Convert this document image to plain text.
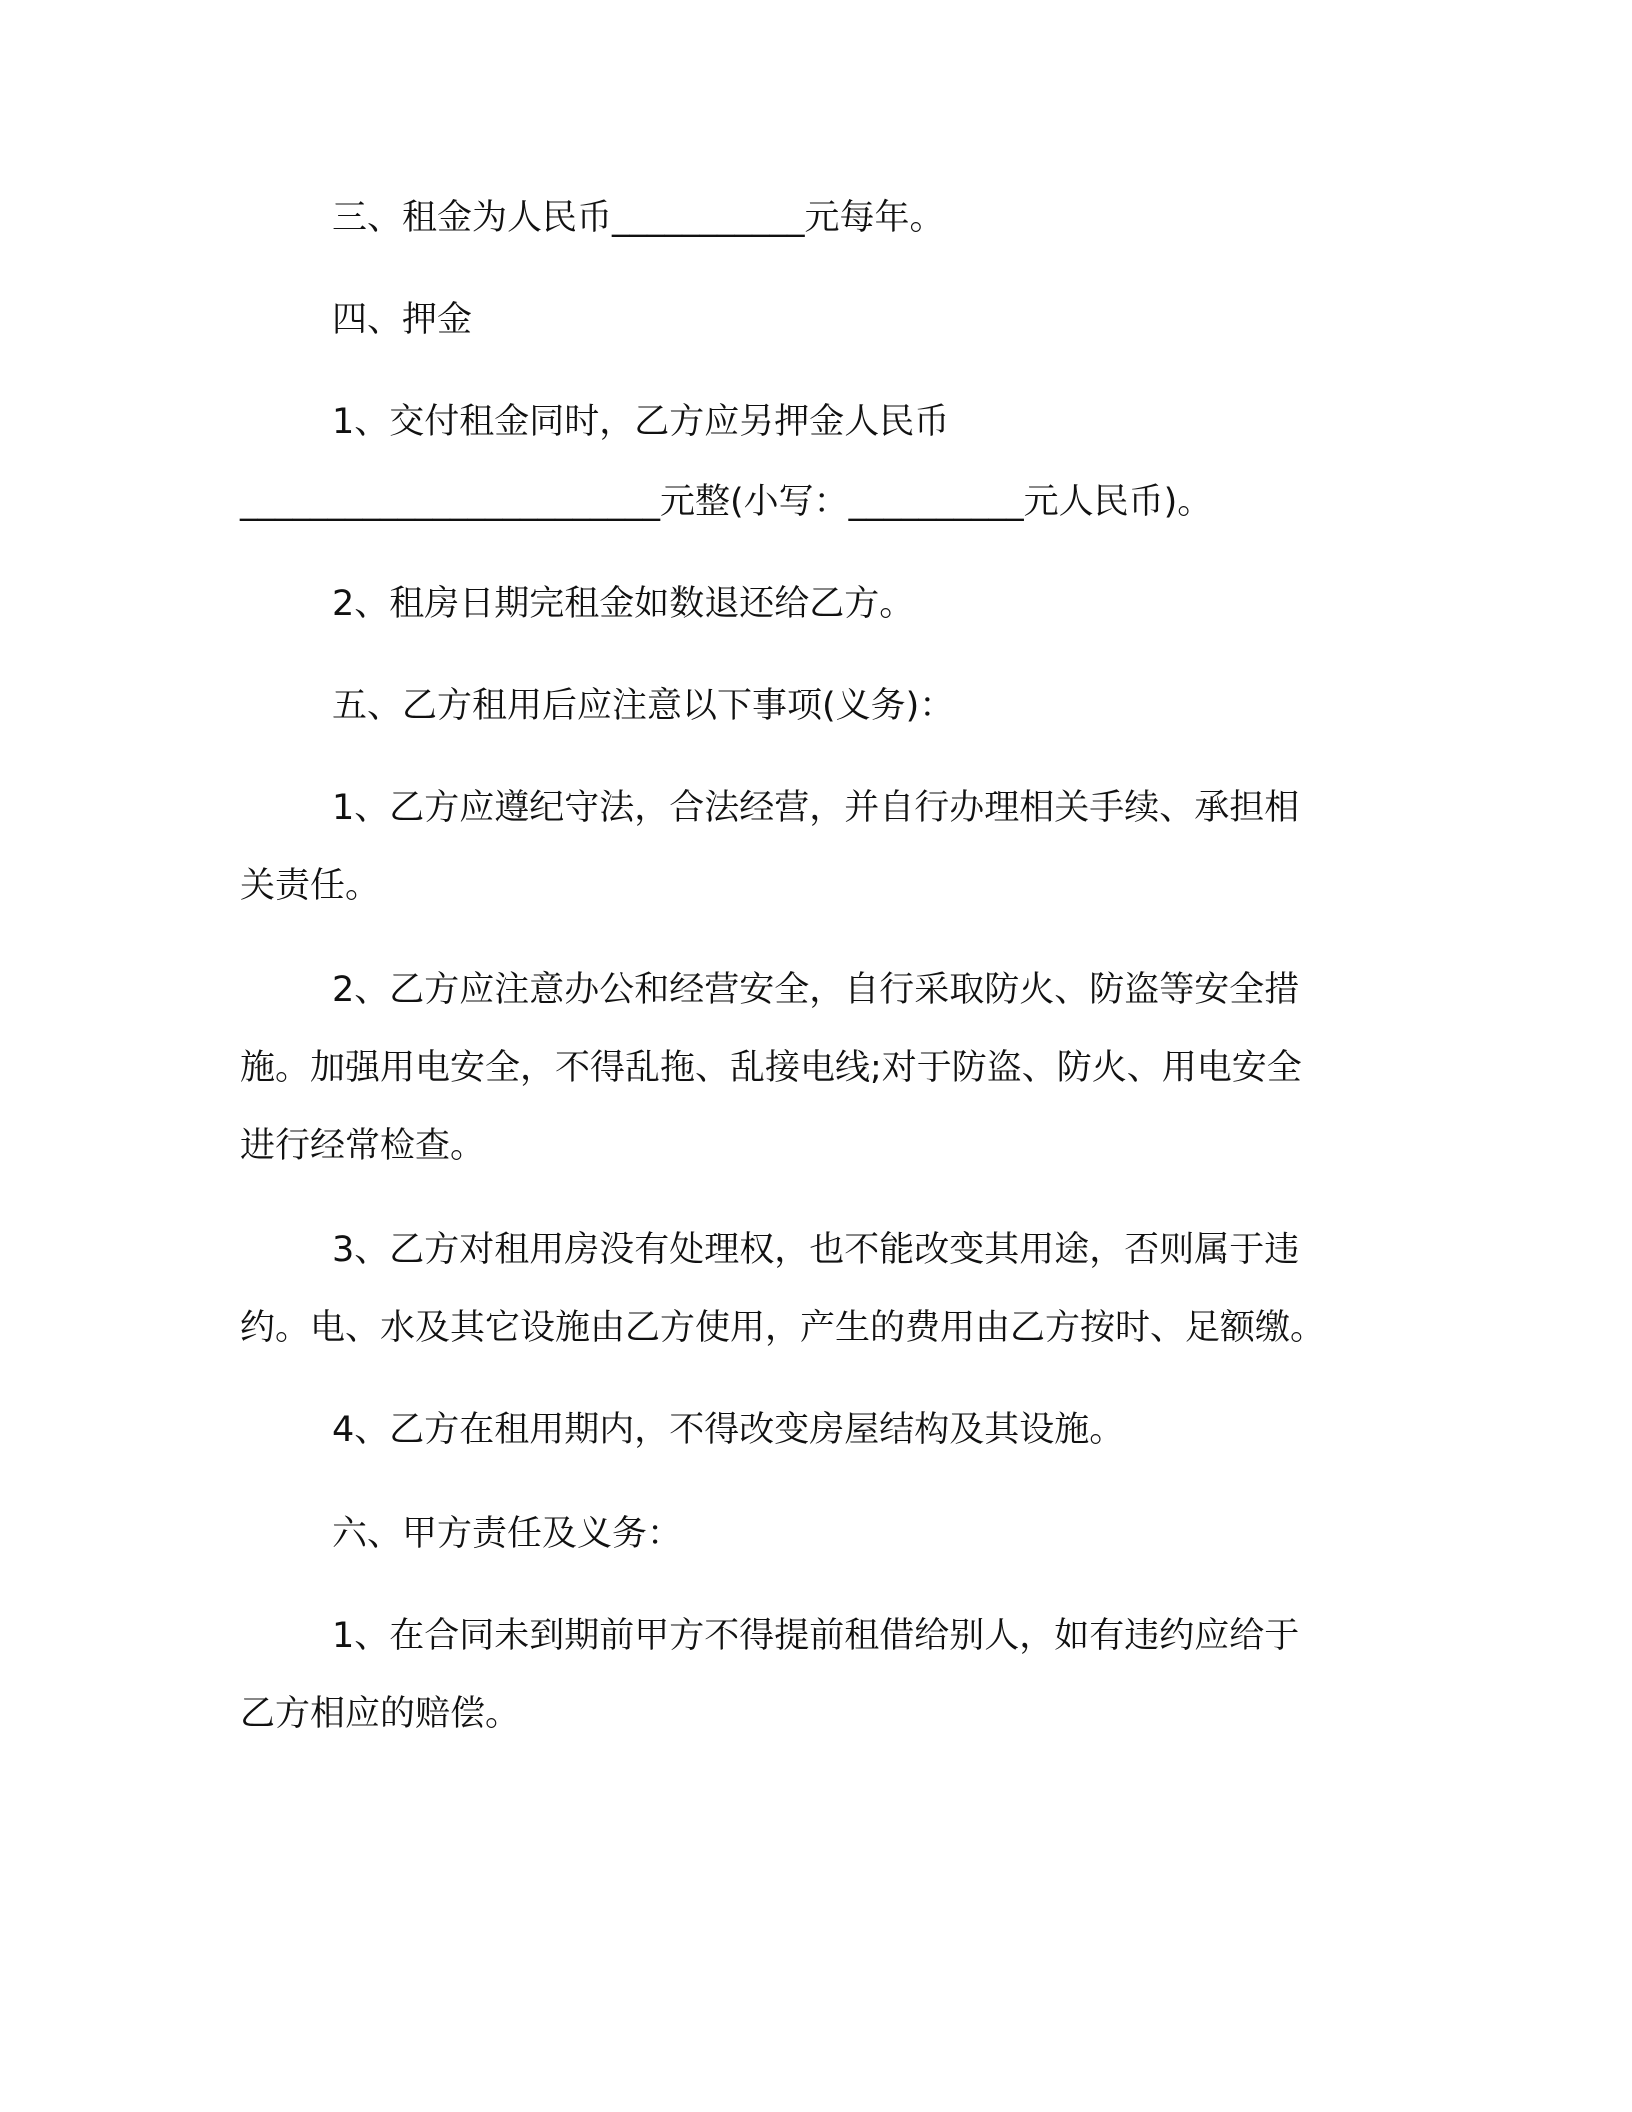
三、租金为人民币___________元每年。
四、押金
1、交付租金同时，乙方应另押金人民币
________________________元整(小写：__________元人民币)。
2、租房日期完租金如数退还给乙方。
五、乙方租用后应注意以下事项(义务)：
1、乙方应遵纪守法，合法经营，并自行办理相关手续、承担相
关责任。
2、乙方应注意办公和经营安全，自行采取防火、防盗等安全措
施。加强用电安全，不得乱拖、乱接电线;对于防盗、防火、用电安全
进行经常检查。
3、乙方对租用房没有处理权，也不能改变其用途，否则属于违
约。电、水及其它设施由乙方使用，产生的费用由乙方按时、足额缴。
4、乙方在租用期内，不得改变房屋结构及其设施。
六、甲方责任及义务：
1、在合同未到期前甲方不得提前租借给别人，如有违约应给于
乙方相应的赔偿。
